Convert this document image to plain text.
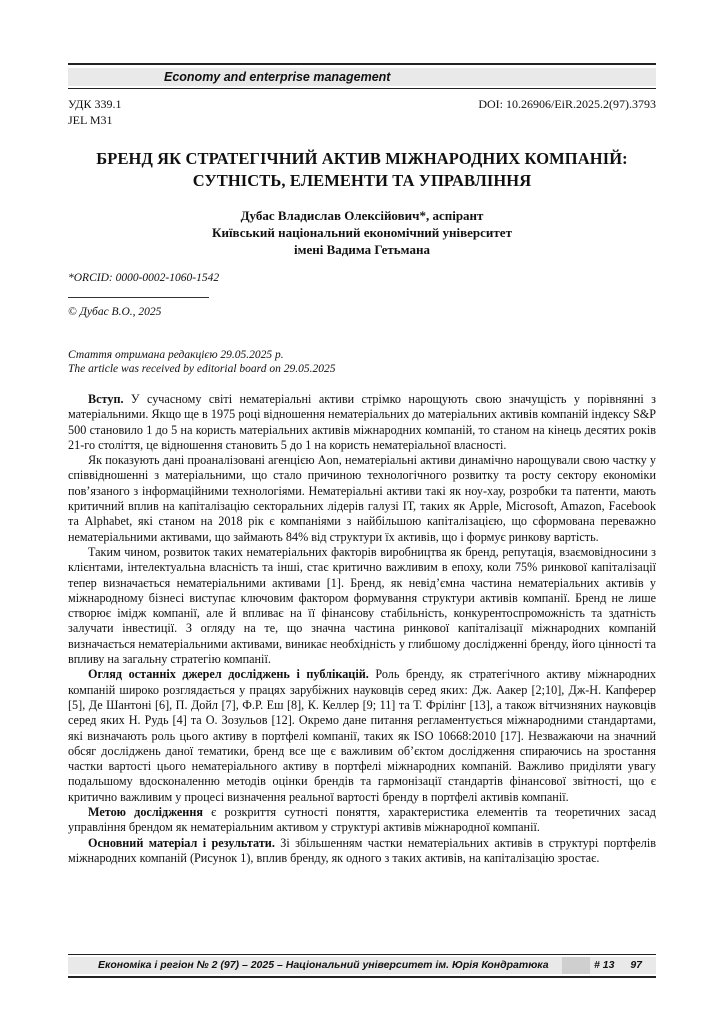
Economy and enterprise management
УДК 339.1
JEL M31
DOI: 10.26906/EiR.2025.2(97).3793
БРЕНД ЯК СТРАТЕГІЧНИЙ АКТИВ МІЖНАРОДНИХ КОМПАНІЙ:
СУТНІСТЬ, ЕЛЕМЕНТИ ТА УПРАВЛІННЯ
Дубас Владислав Олексійович*, аспірант
Київський національний економічний університет
імені Вадима Гетьмана
*ORCID: 0000-0002-1060-1542
© Дубас В.О., 2025
Стаття отримана редакцією 29.05.2025 р.
The article was received by editorial board on 29.05.2025

Вступ. У сучасному світі нематеріальні активи стрімко нарощують свою значущість у порівнянні з матеріальними. Якщо ще в 1975 році відношення нематеріальних до матеріальних активів компаній індексу S&P 500 становило 1 до 5 на користь матеріальних активів міжнародних компаній, то станом на кінець десятих років 21-го століття, це відношення становить 5 до 1 на користь нематеріальної власності.

Як показують дані проаналізовані агенцією Aon, нематеріальні активи динамічно нарощували свою частку у співвідношенні з матеріальними, що стало причиною технологічного розвитку та росту сектору економіки пов’язаного з інформаційними технологіями. Нематеріальні активи такі як ноу-хау, розробки та патенти, мають критичний вплив на капіталізацію секторальних лідерів галузі ІТ, таких як Apple, Microsoft, Amazon, Facebook та Alphabet, які станом на 2018 рік є компаніями з найбільшою капіталізацією, що сформована переважно нематеріальними активами, що займають 84% від структури їх активів, що і формує ринкову вартість.

Таким чином, розвиток таких нематеріальних факторів виробництва як бренд, репутація, взаємовідносини з клієнтами, інтелектуальна власність та інші, стає критично важливим в епоху, коли 75% ринкової капіталізації тепер визначається нематеріальними активами [1]. Бренд, як невід’ємна частина нематеріальних активів у міжнародному бізнесі виступає ключовим фактором формування структури активів компанії. Бренд не лише створює імідж компанії, але й впливає на її фінансову стабільність, конкурентоспроможність та здатність залучати інвестиції. З огляду на те, що значна частина ринкової капіталізації міжнародних компаній визначається нематеріальними активами, виникає необхідність у глибшому дослідженні бренду, його цінності та впливу на загальну стратегію компанії.

Огляд останніх джерел досліджень і публікацій. Роль бренду, як стратегічного активу міжнародних компаній широко розглядається у працях зарубіжних науковців серед яких: Дж. Аакер [2;10], Дж-Н. Капферер [5], Де Шантоні [6], П. Дойл [7], Ф.Р. Еш [8], К. Келлер [9; 11] та Т. Фрілінг [13], а також вітчизняних науковців серед яких Н. Рудь [4] та О. Зозульов [12]. Окремо дане питання регламентується міжнародними стандартами, які визначають роль цього активу в портфелі компанії, таких як ISO 10668:2010 [17]. Незважаючи на значний обсяг досліджень даної тематики, бренд все ще є важливим об’єктом дослідження спираючись на зростання частки вартості цього нематеріального активу в портфелі міжнародних компаній. Важливо приділяти увагу подальшому вдосконаленню методів оцінки брендів та гармонізації стандартів фінансової звітності, що є критично важливим у процесі визначення реальної вартості бренду в портфелі активів компанії.

Метою дослідження є розкриття сутності поняття, характеристика елементів та теоретичних засад управління брендом як нематеріальним активом у структурі активів міжнародної компанії.

Основний матеріал і результати. Зі збільшенням частки нематеріальних активів в структурі портфелів міжнародних компаній (Рисунок 1), вплив бренду, як одного з таких активів, на капіталізацію зростає.

Економіка і регіон № 2 (97) – 2025 – Національний університет ім. Юрія Кондратюка	# 13 97
